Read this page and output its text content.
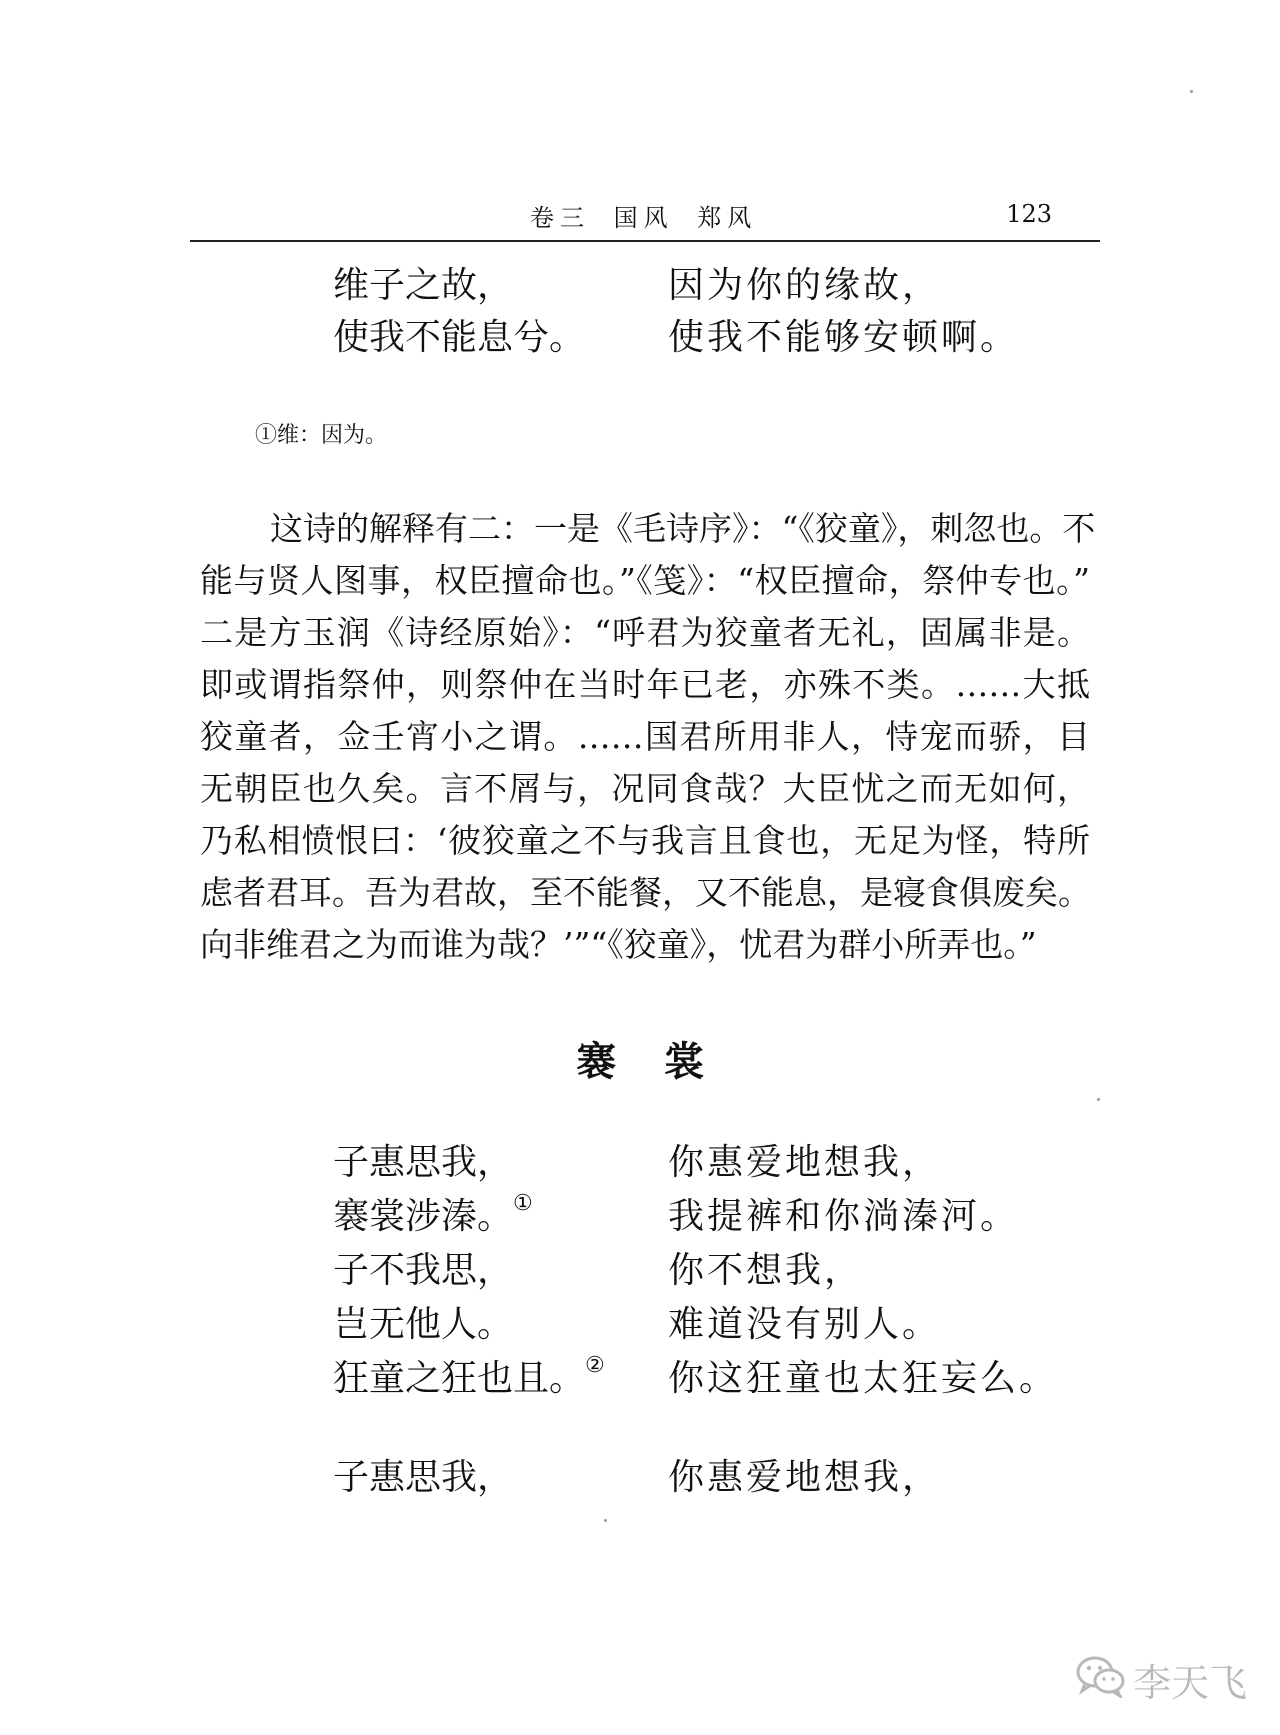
卷三 国风 郑风	123
维子之故，	因为你的缘故，
使我不能息兮。 使我不能够安顿啊。
①维：因为。
这诗的解释有二：一是《毛诗序》：“《狡童》，刺忽也。不
能与贤人图事，权臣擅命也。”《笺》：“权臣擅命，祭仲专也。”
二是方玉润《诗经原始》：“呼君为狡童者无礼，固属非是。
即或谓指祭仲，则祭仲在当时年已老，亦殊不类。……大抵
狡童者，佥壬宵小之谓。……国君所用非人，恃宠而骄，目
无朝臣也久矣。言不屑与，况同食哉？大臣忧之而无如何，
乃私相愤恨曰：‘彼狡童之不与我言且食也，无足为怪，特所
虑者君耳。吾为君故，至不能餐，又不能息，是寝食俱废矣。
向非维君之为而谁为哉？’”“《狡童》，忧君为群小所弄也。”
褰裳
子惠思我，	你惠爱地想我，
褰裳涉溱。①	我提裤和你淌溱河。
子不我思，	你不想我，
岂无他人。	难道没有别人。
狂童之狂也且。② 你这狂童也太狂妄么。
子惠思我，	你惠爱地想我，
李天飞
